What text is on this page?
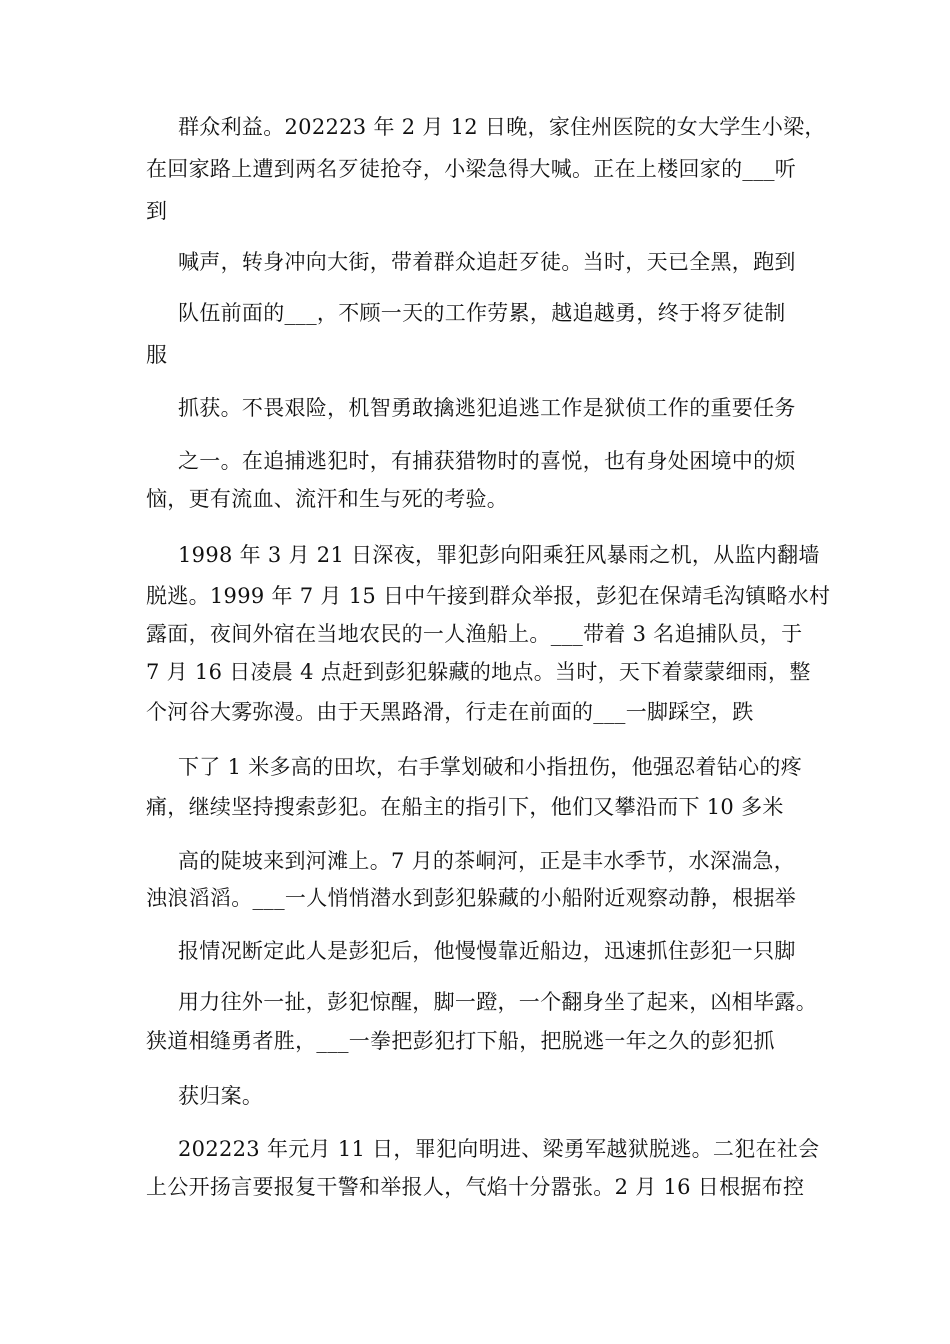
群众利益。202223 年 2 月 12 日晚，家住州医院的女大学生小梁，
在回家路上遭到两名歹徒抢夺，小梁急得大喊。正在上楼回家的___听
到
喊声，转身冲向大街，带着群众追赶歹徒。当时，天已全黑，跑到
队伍前面的___，不顾一天的工作劳累，越追越勇，终于将歹徒制
服
抓获。不畏艰险，机智勇敢擒逃犯追逃工作是狱侦工作的重要任务
之一。在追捕逃犯时，有捕获猎物时的喜悦，也有身处困境中的烦
恼，更有流血、流汗和生与死的考验。
1998 年 3 月 21 日深夜，罪犯彭向阳乘狂风暴雨之机，从监内翻墙
脱逃。1999 年 7 月 15 日中午接到群众举报，彭犯在保靖毛沟镇略水村
露面，夜间外宿在当地农民的一人渔船上。___带着 3 名追捕队员，于
7 月 16 日凌晨 4 点赶到彭犯躲藏的地点。当时，天下着蒙蒙细雨，整
个河谷大雾弥漫。由于天黑路滑，行走在前面的___一脚踩空，跌
下了 1 米多高的田坎，右手掌划破和小指扭伤，他强忍着钻心的疼
痛，继续坚持搜索彭犯。在船主的指引下，他们又攀沿而下 10 多米
高的陡坡来到河滩上。7 月的茶峒河，正是丰水季节，水深湍急，
浊浪滔滔。___一人悄悄潜水到彭犯躲藏的小船附近观察动静，根据举
报情况断定此人是彭犯后，他慢慢靠近船边，迅速抓住彭犯一只脚
用力往外一扯，彭犯惊醒，脚一蹬，一个翻身坐了起来，凶相毕露。
狭道相缝勇者胜，___一拳把彭犯打下船，把脱逃一年之久的彭犯抓
获归案。
202223 年元月 11 日，罪犯向明进、梁勇军越狱脱逃。二犯在社会
上公开扬言要报复干警和举报人，气焰十分嚣张。2 月 16 日根据布控
